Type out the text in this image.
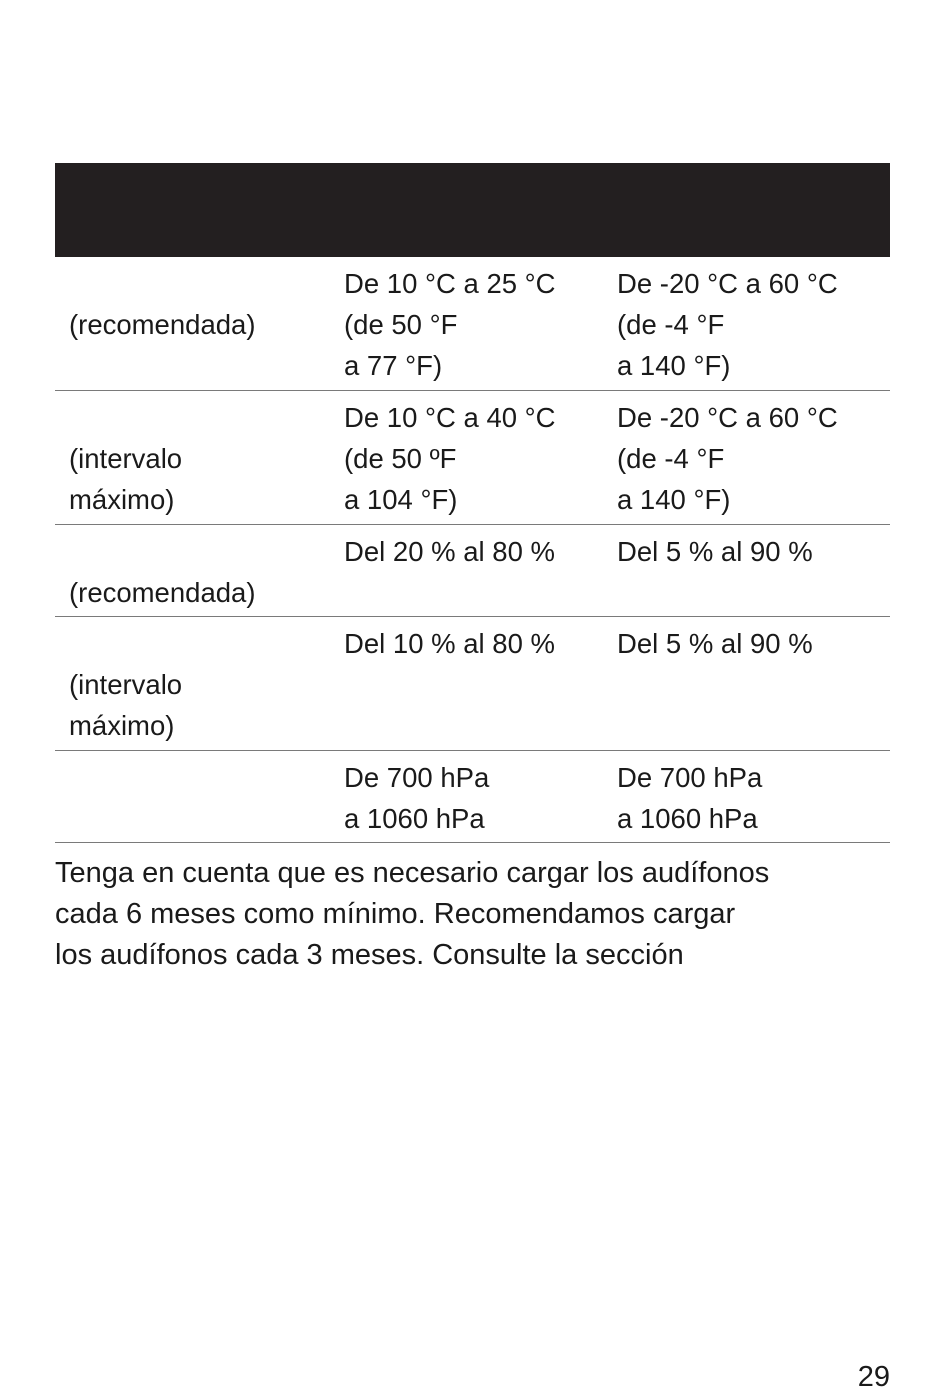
(recomendada)

De 10 °C a 25 °C
(de 50 °F
a 77 °F)
De -20 °C a 60 °C
(de -4 °F
a 140 °F)

(intervalo
máximo)
De 10 °C a 40 °C
(de 50 ºF
a 104 °F)
De -20 °C a 60 °C
(de -4 °F
a 140 °F)

(recomendada)
Del 20 % al 80 % Del 5 % al 90 %

(intervalo
máximo)
Del 10 % al 80 % Del 5 % al 90 %
De 700 hPa
a 1060 hPa
De 700 hPa
a 1060 hPa
Tenga en cuenta que es necesario cargar los audífonos
cada 6 meses como mínimo. Recomendamos cargar
los audífonos cada 3 meses. Consulte la sección
29
